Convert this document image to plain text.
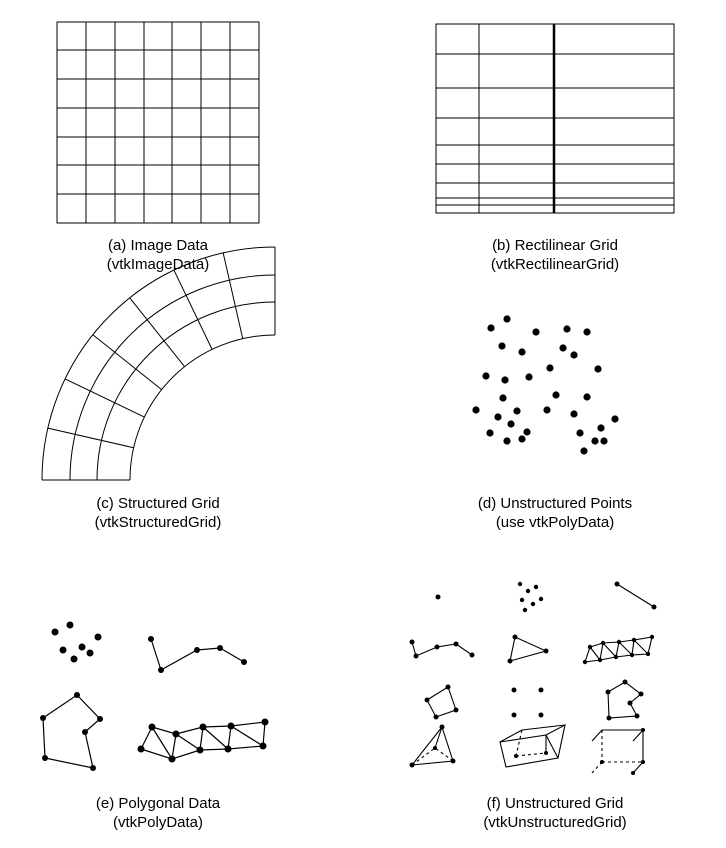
(a) Image Data
(vtkImageData)
(b) Rectilinear Grid
(vtkRectilinearGrid)
(c) Structured Grid
(vtkStructuredGrid)
(d) Unstructured Points
(use vtkPolyData)
(e) Polygonal Data
(vtkPolyData)
(f) Unstructured Grid
(vtkUnstructuredGrid)
